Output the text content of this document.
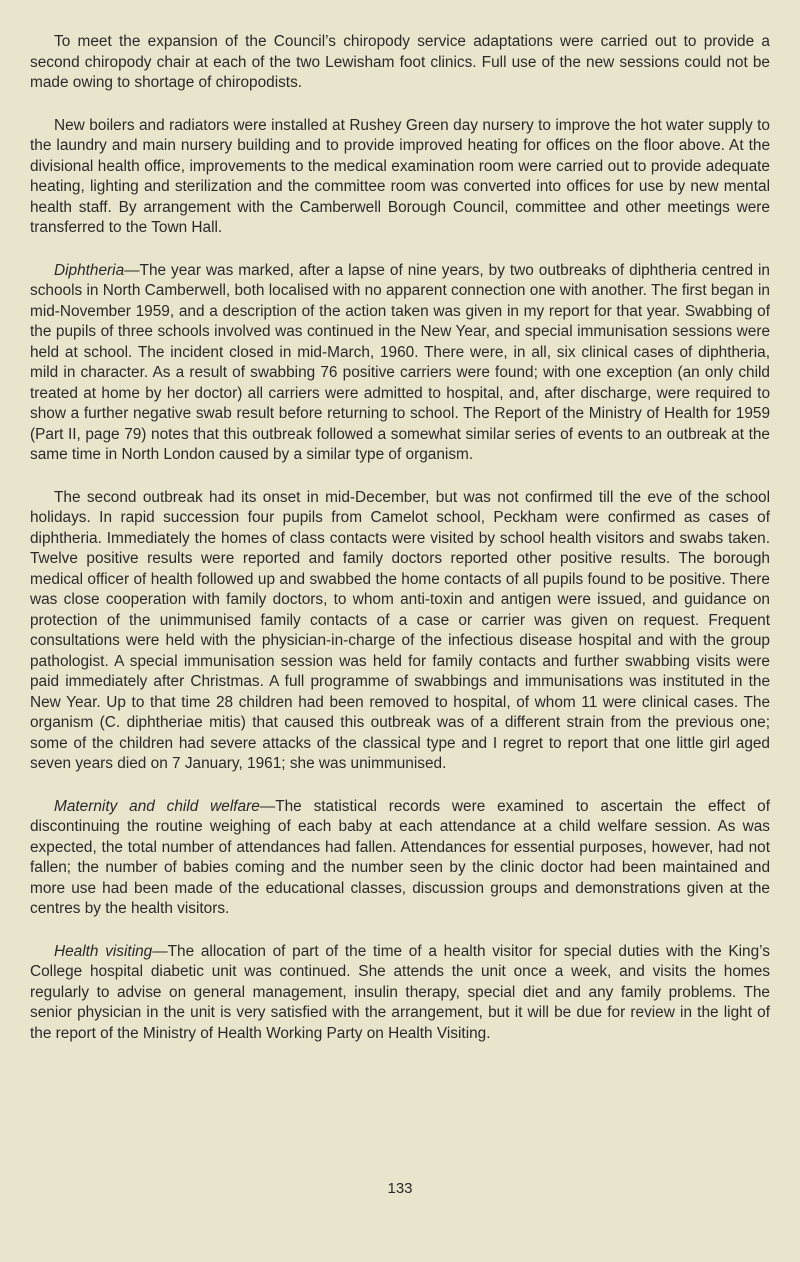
To meet the expansion of the Council’s chiropody service adaptations were carried out to provide a second chiropody chair at each of the two Lewisham foot clinics. Full use of the new sessions could not be made owing to shortage of chiropodists.

New boilers and radiators were installed at Rushey Green day nursery to improve the hot water supply to the laundry and main nursery building and to provide improved heating for offices on the floor above. At the divisional health office, improvements to the medical examination room were carried out to provide adequate heating, lighting and sterilization and the committee room was converted into offices for use by new mental health staff. By arrangement with the Camberwell Borough Council, committee and other meetings were transferred to the Town Hall.

Diphtheria—The year was marked, after a lapse of nine years, by two outbreaks of diphtheria centred in schools in North Camberwell, both localised with no apparent connection one with another. The first began in mid-November 1959, and a description of the action taken was given in my report for that year. Swabbing of the pupils of three schools involved was continued in the New Year, and special immunisation sessions were held at school. The incident closed in mid-March, 1960. There were, in all, six clinical cases of diphtheria, mild in character. As a result of swabbing 76 positive carriers were found; with one exception (an only child treated at home by her doctor) all carriers were admitted to hospital, and, after discharge, were required to show a further negative swab result before returning to school. The Report of the Ministry of Health for 1959 (Part II, page 79) notes that this outbreak followed a somewhat similar series of events to an outbreak at the same time in North London caused by a similar type of organism.

The second outbreak had its onset in mid-December, but was not confirmed till the eve of the school holidays. In rapid succession four pupils from Camelot school, Peckham were confirmed as cases of diphtheria. Immediately the homes of class contacts were visited by school health visitors and swabs taken. Twelve positive results were reported and family doctors reported other positive results. The borough medical officer of health followed up and swabbed the home contacts of all pupils found to be positive. There was close cooperation with family doctors, to whom anti-toxin and antigen were issued, and guidance on protection of the unimmunised family contacts of a case or carrier was given on request. Frequent consultations were held with the physician-in-charge of the infectious disease hospital and with the group pathologist. A special immunisation session was held for family contacts and further swabbing visits were paid immediately after Christmas. A full programme of swabbings and immunisations was instituted in the New Year. Up to that time 28 children had been removed to hospital, of whom 11 were clinical cases. The organism (C. diphtheriae mitis) that caused this outbreak was of a different strain from the previous one; some of the children had severe attacks of the classical type and I regret to report that one little girl aged seven years died on 7 January, 1961; she was unimmunised.

Maternity and child welfare—The statistical records were examined to ascertain the effect of discontinuing the routine weighing of each baby at each attendance at a child welfare session. As was expected, the total number of attendances had fallen. Attendances for essential purposes, however, had not fallen; the number of babies coming and the number seen by the clinic doctor had been maintained and more use had been made of the educational classes, discussion groups and demonstrations given at the centres by the health visitors.

Health visiting—The allocation of part of the time of a health visitor for special duties with the King’s College hospital diabetic unit was continued. She attends the unit once a week, and visits the homes regularly to advise on general management, insulin therapy, special diet and any family problems. The senior physician in the unit is very satisfied with the arrangement, but it will be due for review in the light of the report of the Ministry of Health Working Party on Health Visiting.

133
